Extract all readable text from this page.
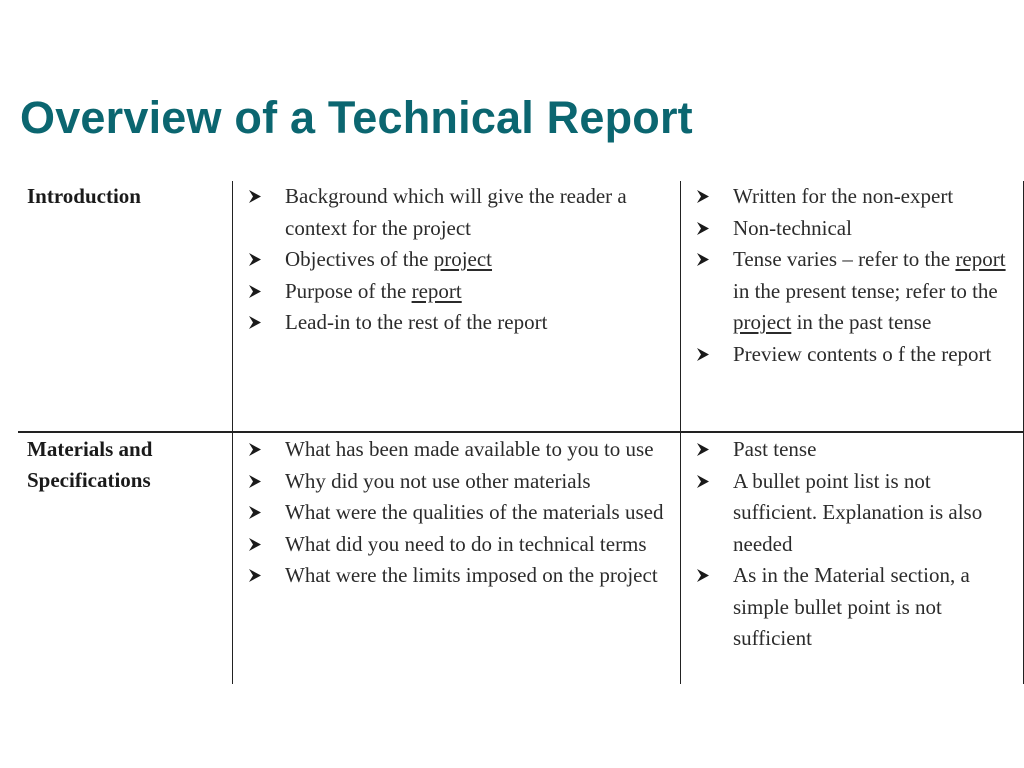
Overview of a Technical Report
Introduction	Background which will give the reader a context for the project
Objectives of the project
Purpose of the report
Lead-in to the rest of the report
Written for the non-expert
Non-technical
Tense varies – refer to the report in the present tense; refer to the project in the past tense
Preview contents o f the report
Materials and
Specifications
What has been made available to you to use
Why did you not use other materials
What were the qualities of the materials used
What did you need to do in technical terms
What were the limits imposed on the project
Past tense
A bullet point list is not sufficient. Explanation is also needed
As in the Material section, a simple bullet point is not sufficient
